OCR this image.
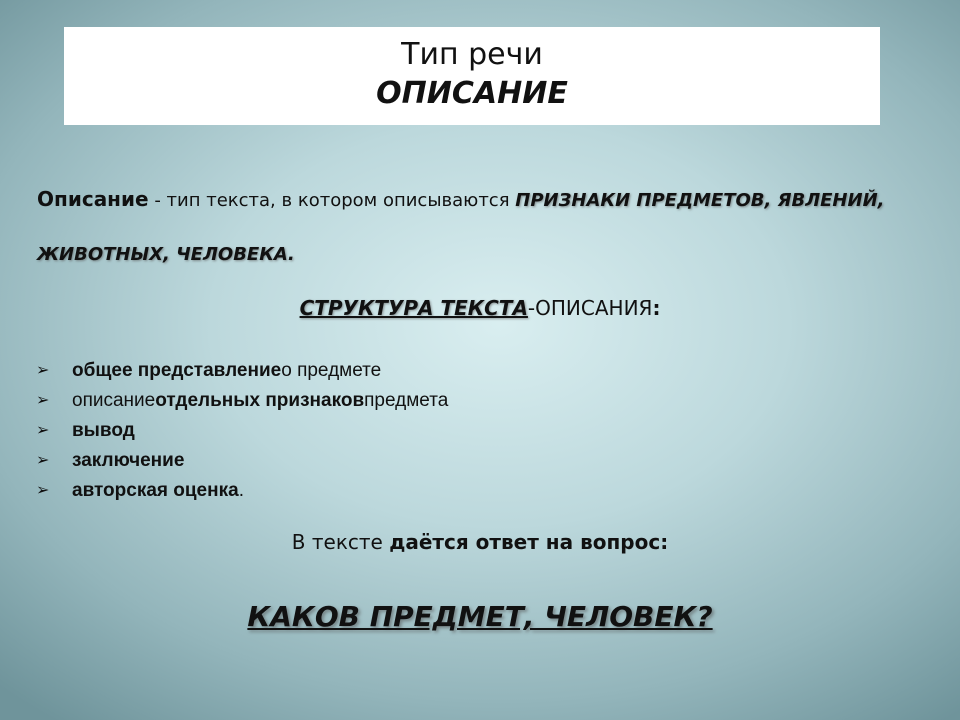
Тип речи
ОПИСАНИЕ
Описание - тип текста, в котором описываются ПРИЗНАКИ ПРЕДМЕТОВ, ЯВЛЕНИЙ, ЖИВОТНЫХ, ЧЕЛОВЕКА.
СТРУКТУРА ТЕКСТА-ОПИСАНИЯ:
➢	общее представление о предмете
➢	описание отдельных признаков предмета
➢	вывод
➢	заключение
➢	авторская оценка .
В тексте даётся ответ на вопрос:
КАКОВ ПРЕДМЕТ, ЧЕЛОВЕК?
